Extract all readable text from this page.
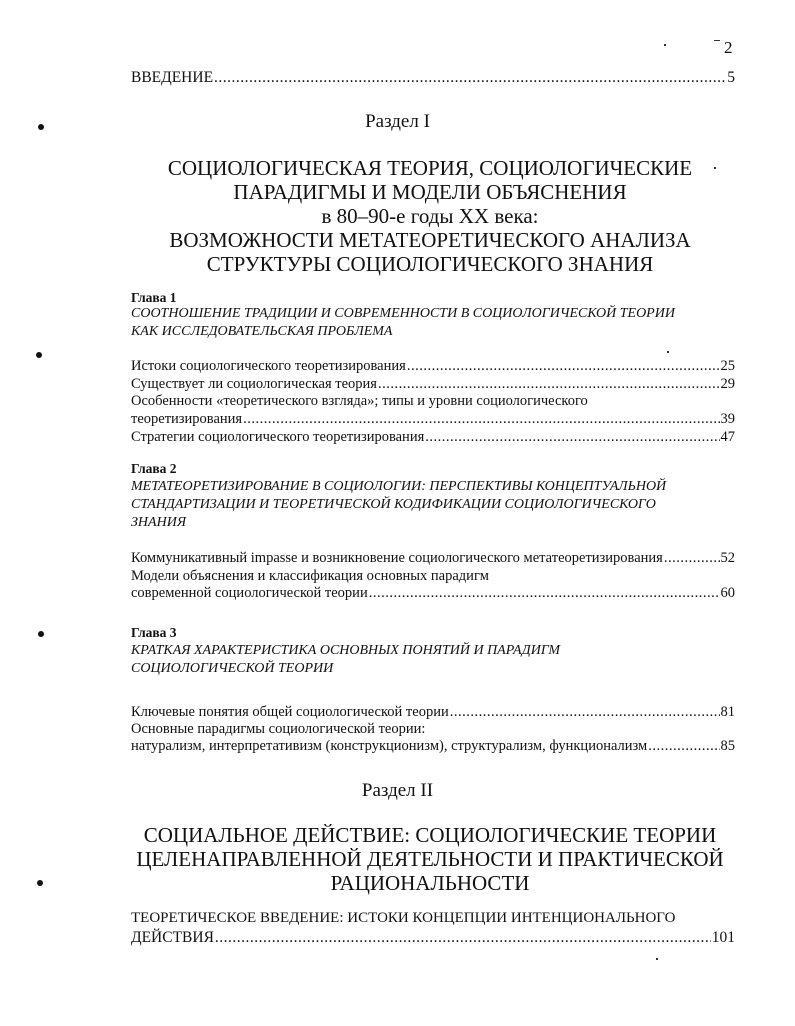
2
ВВЕДЕНИЕ .....	5
Раздел I
СОЦИОЛОГИЧЕСКАЯ ТЕОРИЯ, СОЦИОЛОГИЧЕСКИЕ
ПАРАДИГМЫ И МОДЕЛИ ОБЪЯСНЕНИЯ
в 80–90-е годы XX века:
ВОЗМОЖНОСТИ МЕТАТЕОРЕТИЧЕСКОГО АНАЛИЗА
СТРУКТУРЫ СОЦИОЛОГИЧЕСКОГО ЗНАНИЯ
Глава 1
СООТНОШЕНИЕ ТРАДИЦИИ И СОВРЕМЕННОСТИ В СОЦИОЛОГИЧЕСКОЙ ТЕОРИИ
КАК ИССЛЕДОВАТЕЛЬСКАЯ ПРОБЛЕМА
Истоки социологического теоретизирования .....	25
Существует ли социологическая теория .....	29
Особенности «теоретического взгляда»; типы и уровни социологического
теоретизирования .....	39
Стратегии социологического теоретизирования .....	47
Глава 2
МЕТАТЕОРЕТИЗИРОВАНИЕ В СОЦИОЛОГИИ: ПЕРСПЕКТИВЫ КОНЦЕПТУАЛЬНОЙ
СТАНДАРТИЗАЦИИ И ТЕОРЕТИЧЕСКОЙ КОДИФИКАЦИИ СОЦИОЛОГИЧЕСКОГО
ЗНАНИЯ
Коммуникативный impasse и возникновение социологического метатеоретизирования .....	52
Модели объяснения и классификация основных парадигм
современной социологической теории .....	60
Глава 3
КРАТКАЯ ХАРАКТЕРИСТИКА ОСНОВНЫХ ПОНЯТИЙ И ПАРАДИГМ
СОЦИОЛОГИЧЕСКОЙ ТЕОРИИ
Ключевые понятия общей социологической теории .....	81
Основные парадигмы социологической теории:
натурализм, интерпретативизм (конструкционизм), структурализм, функционализм .....	85
Раздел II
СОЦИАЛЬНОЕ ДЕЙСТВИЕ: СОЦИОЛОГИЧЕСКИЕ ТЕОРИИ
ЦЕЛЕНАПРАВЛЕННОЙ ДЕЯТЕЛЬНОСТИ И ПРАКТИЧЕСКОЙ
РАЦИОНАЛЬНОСТИ
ТЕОРЕТИЧЕСКОЕ ВВЕДЕНИЕ: ИСТОКИ КОНЦЕПЦИИ ИНТЕНЦИОНАЛЬНОГО
ДЕЙСТВИЯ .....	101
